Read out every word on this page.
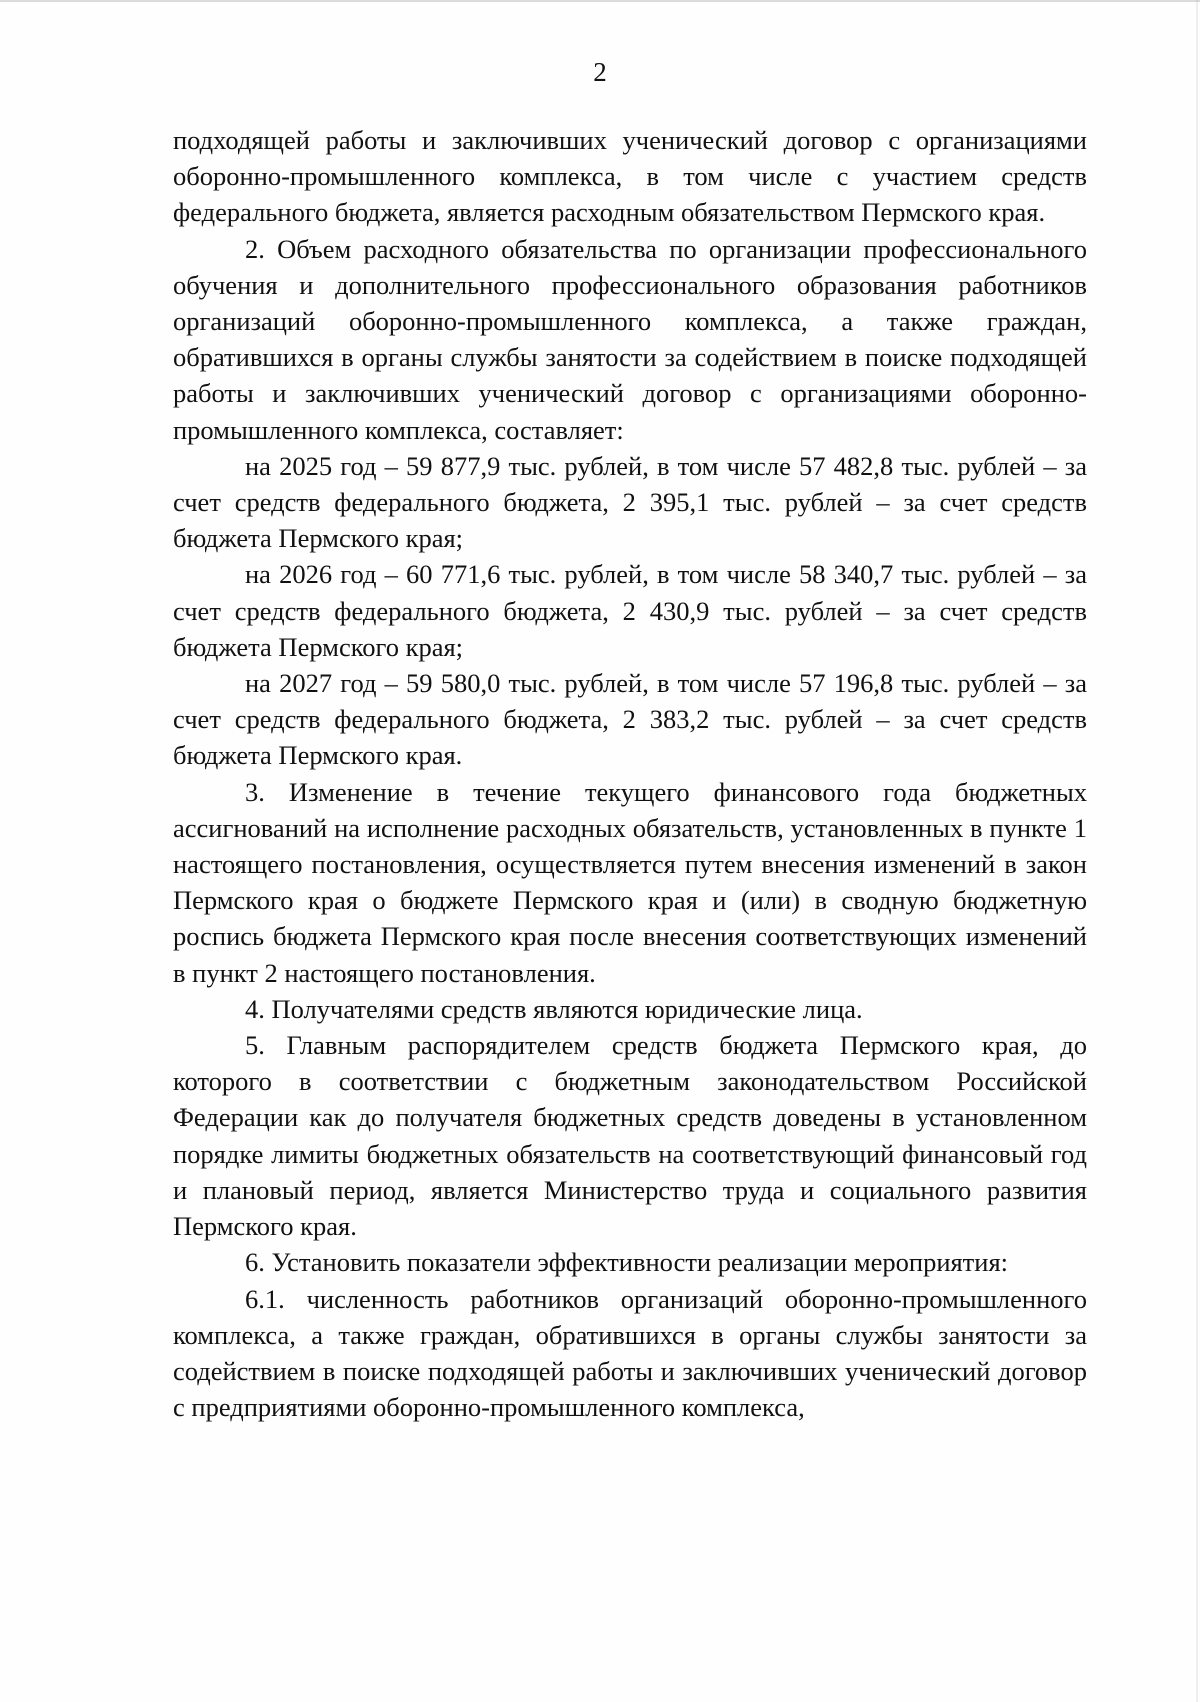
2

подходящей работы и заключивших ученический договор с организациями оборонно-промышленного комплекса, в том числе с участием средств федерального бюджета, является расходным обязательством Пермского края.

2. Объем расходного обязательства по организации профессионального обучения и дополнительного профессионального образования работников организаций оборонно-промышленного комплекса, а также граждан, обратившихся в органы службы занятости за содействием в поиске подходящей работы и заключивших ученический договор с организациями оборонно-промышленного комплекса, составляет:

на 2025 год – 59 877,9 тыс. рублей, в том числе 57 482,8 тыс. рублей – за счет средств федерального бюджета, 2 395,1 тыс. рублей – за счет средств бюджета Пермского края;

на 2026 год – 60 771,6 тыс. рублей, в том числе 58 340,7 тыс. рублей – за счет средств федерального бюджета, 2 430,9 тыс. рублей – за счет средств бюджета Пермского края;

на 2027 год – 59 580,0 тыс. рублей, в том числе 57 196,8 тыс. рублей – за счет средств федерального бюджета, 2 383,2 тыс. рублей – за счет средств бюджета Пермского края.

3. Изменение в течение текущего финансового года бюджетных ассигнований на исполнение расходных обязательств, установленных в пункте 1 настоящего постановления, осуществляется путем внесения изменений в закон Пермского края о бюджете Пермского края и (или) в сводную бюджетную роспись бюджета Пермского края после внесения соответствующих изменений в пункт 2 настоящего постановления.

4. Получателями средств являются юридические лица.

5. Главным распорядителем средств бюджета Пермского края, до которого в соответствии с бюджетным законодательством Российской Федерации как до получателя бюджетных средств доведены в установленном порядке лимиты бюджетных обязательств на соответствующий финансовый год и плановый период, является Министерство труда и социального развития Пермского края.

6. Установить показатели эффективности реализации мероприятия:

6.1. численность работников организаций оборонно-промышленного комплекса, а также граждан, обратившихся в органы службы занятости за содействием в поиске подходящей работы и заключивших ученический договор с предприятиями оборонно-промышленного комплекса,
